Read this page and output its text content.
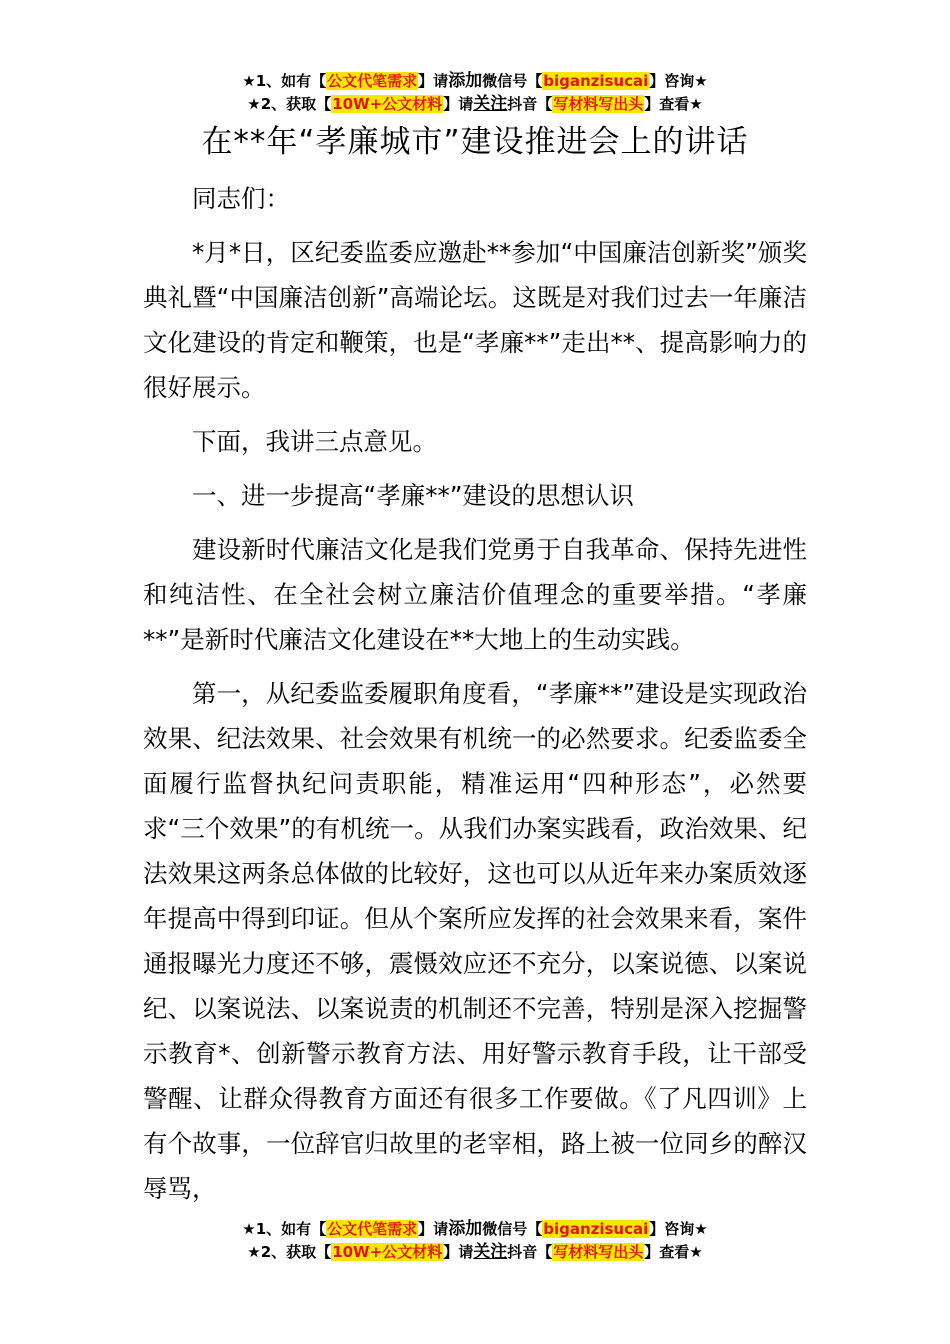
★1、如有【公文代笔需求】请添加微信号【biganzisucai】咨询★
★2、获取【10W+公文材料】请关注抖音【写材料写出头】查看★
在**年“孝廉城市”建设推进会上的讲话

同志们：

*月*日，区纪委监委应邀赴**参加“中国廉洁创新奖”颁奖典礼暨“中国廉洁创新”高端论坛。这既是对我们过去一年廉洁文化建设的肯定和鞭策，也是“孝廉**”走出**、提高影响力的很好展示。

下面，我讲三点意见。

一、进一步提高“孝廉**”建设的思想认识

建设新时代廉洁文化是我们党勇于自我革命、保持先进性和纯洁性、在全社会树立廉洁价值理念的重要举措。“孝廉**”是新时代廉洁文化建设在**大地上的生动实践。

第一，从纪委监委履职角度看，“孝廉**”建设是实现政治效果、纪法效果、社会效果有机统一的必然要求。纪委监委全面履行监督执纪问责职能，精准运用“四种形态”，必然要求“三个效果”的有机统一。从我们办案实践看，政治效果、纪法效果这两条总体做的比较好，这也可以从近年来办案质效逐年提高中得到印证。但从个案所应发挥的社会效果来看，案件通报曝光力度还不够，震慑效应还不充分，以案说德、以案说纪、以案说法、以案说责的机制还不完善，特别是深入挖掘警示教育*、创新警示教育方法、用好警示教育手段，让干部受警醒、让群众得教育方面还有很多工作要做。《了凡四训》上有个故事，一位辞官归故里的老宰相，路上被一位同乡的醉汉辱骂，

★1、如有【公文代笔需求】请添加微信号【biganzisucai】咨询★
★2、获取【10W+公文材料】请关注抖音【写材料写出头】查看★
